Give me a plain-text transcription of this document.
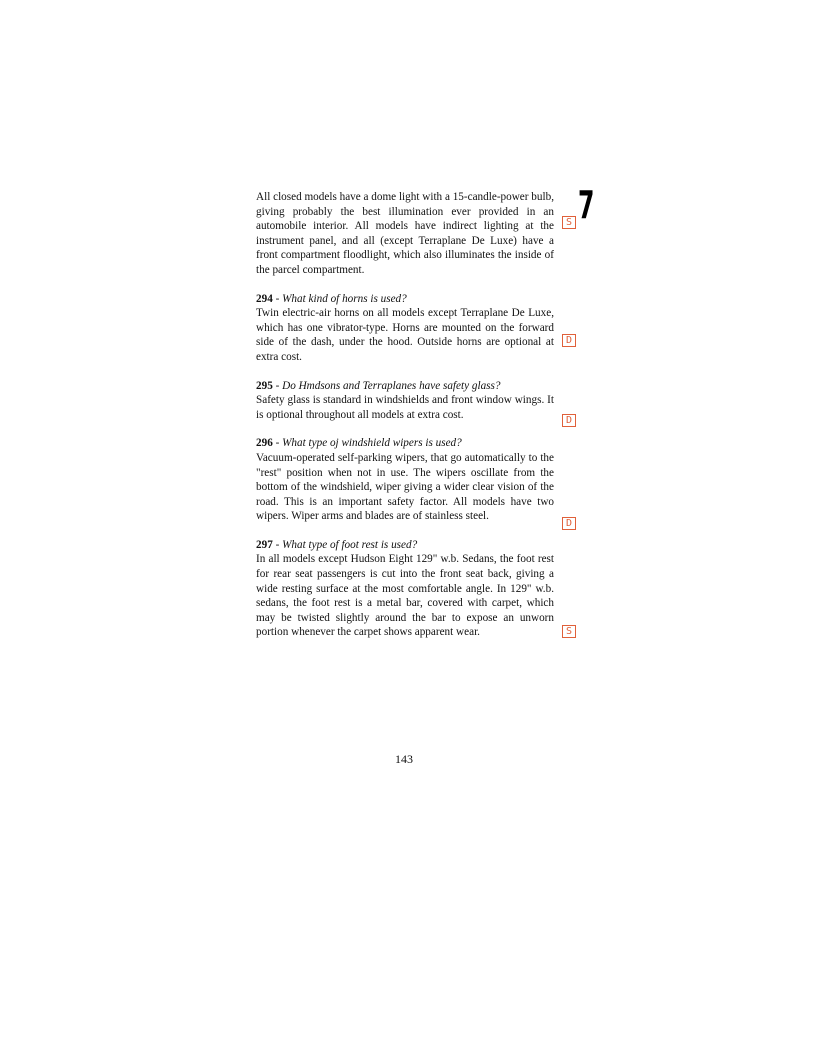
7
S
D
D
D
S

All closed models have a dome light with a 15-candle-power bulb, giving probably the best illumination ever provided in an automobile interior. All models have indirect lighting at the instrument panel, and all (except Terraplane De Luxe) have a front compartment floodlight, which also illuminates the inside of the parcel compartment.

294 - What kind of horns is used?

Twin electric-air horns on all models except Terraplane De Luxe, which has one vibrator-type. Horns are mounted on the forward side of the dash, under the hood. Outside horns are optional at extra cost.

295 - Do Hmdsons and Terraplanes have safety glass?

Safety glass is standard in windshields and front window wings. It is optional throughout all models at extra cost.

296 - What type oj windshield wipers is used?

Vacuum-operated self-parking wipers, that go automatically to the "rest" position when not in use. The wipers oscillate from the bottom of the windshield, wiper giving a wider clear vision of the road. This is an important safety factor. All models have two wipers. Wiper arms and blades are of stainless steel.

297 - What type of foot rest is used?

In all models except Hudson Eight 129" w.b. Sedans, the foot rest for rear seat passengers is cut into the front seat back, giving a wide resting surface at the most comfortable angle. In 129" w.b. sedans, the foot rest is a metal bar, covered with carpet, which may be twisted slightly around the bar to expose an unworn portion whenever the carpet shows apparent wear.

143
